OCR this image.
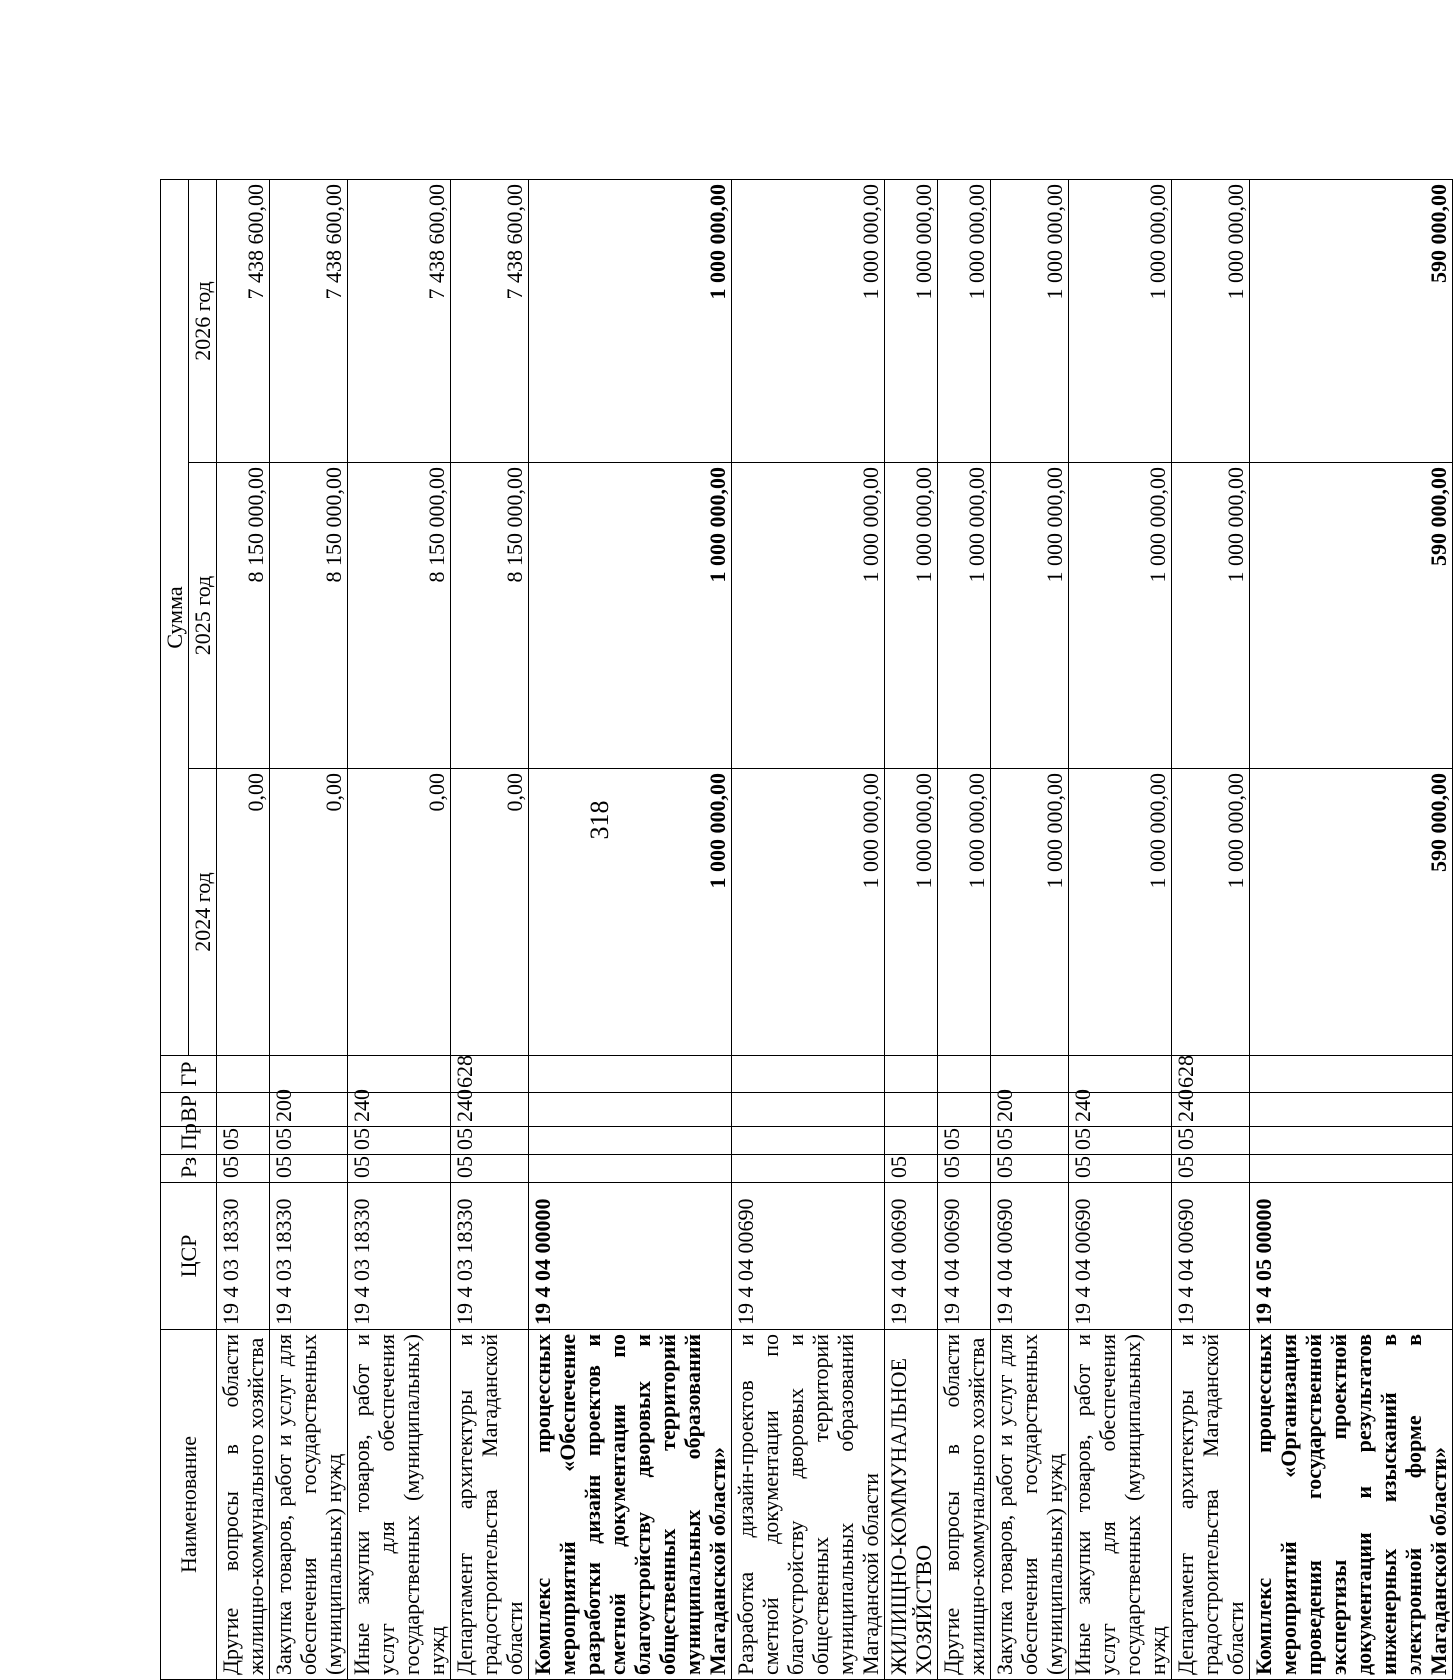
318
Наименование	ЦСР	Рз	Пр	ВР	ГР	Сумма		
						2024 год	2025 год	2026 год
Другие вопросы в области жилищно-коммунального хозяйства	19 4 03 18330	05	05			0,00	8 150 000,00	7 438 600,00
Закупка товаров, работ и услуг для обеспечения государственных (муниципальных) нужд	19 4 03 18330	05	05	200		0,00	8 150 000,00	7 438 600,00
Иные закупки товаров, работ и услуг для обеспечения государственных (муниципальных) нужд	19 4 03 18330	05	05	240		0,00	8 150 000,00	7 438 600,00
Департамент архитектуры и градостроительства Магаданской области	19 4 03 18330	05	05	240	628	0,00	8 150 000,00	7 438 600,00
Комплекс процессных мероприятий «Обеспечение разработки дизайн проектов и сметной документации по благоустройству дворовых и общественных территорий муниципальных образований Магаданской области»	19 4 04 00000					1 000 000,00	1 000 000,00	1 000 000,00
Разработка дизайн-проектов и сметной документации по благоустройству дворовых и общественных территорий муниципальных образований Магаданской области	19 4 04 00690					1 000 000,00	1 000 000,00	1 000 000,00
ЖИЛИЩНО-КОММУНАЛЬНОЕ ХОЗЯЙСТВО	19 4 04 00690	05				1 000 000,00	1 000 000,00	1 000 000,00
Другие вопросы в области жилищно-коммунального хозяйства	19 4 04 00690	05	05			1 000 000,00	1 000 000,00	1 000 000,00
Закупка товаров, работ и услуг для обеспечения государственных (муниципальных) нужд	19 4 04 00690	05	05	200		1 000 000,00	1 000 000,00	1 000 000,00
Иные закупки товаров, работ и услуг для обеспечения государственных (муниципальных) нужд	19 4 04 00690	05	05	240		1 000 000,00	1 000 000,00	1 000 000,00
Департамент архитектуры и градостроительства Магаданской области	19 4 04 00690	05	05	240	628	1 000 000,00	1 000 000,00	1 000 000,00
Комплекс процессных мероприятий «Организация проведения государственной экспертизы проектной документации и результатов инженерных изысканий в электронной форме в Магаданской области»	19 4 05 00000					590 000,00	590 000,00	590 000,00
